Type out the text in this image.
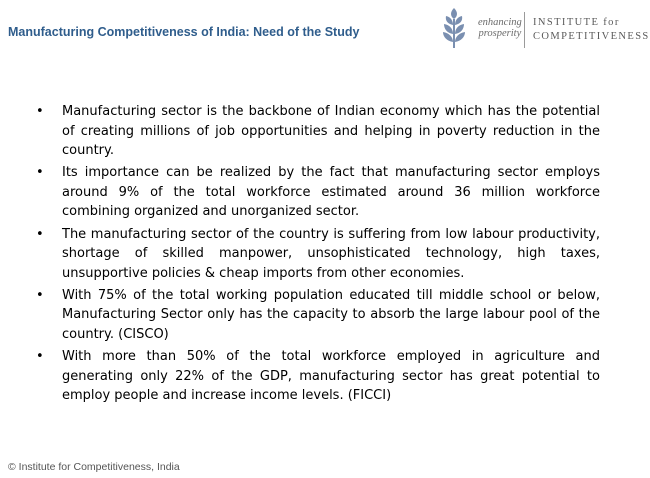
Manufacturing Competitiveness of India: Need of the Study
enhancing
prosperity
INSTITUTE for
COMPETITIVENESS
• Manufacturing sector is the backbone of Indian economy which has the potential of creating millions of job opportunities and helping in poverty reduction in the country.
• Its importance can be realized by the fact that manufacturing sector employs around 9% of the total workforce estimated around 36 million workforce combining organized and unorganized sector.
• The manufacturing sector of the country is suffering from low labour productivity, shortage of skilled manpower, unsophisticated technology, high taxes, unsupportive policies & cheap imports from other economies.
• With 75% of the total working population educated till middle school or below, Manufacturing Sector only has the capacity to absorb the large labour pool of the country. (CISCO)
• With more than 50% of the total workforce employed in agriculture and generating only 22% of the GDP, manufacturing sector has great potential to employ people and increase income levels. (FICCI)
© Institute for Competitiveness, India
